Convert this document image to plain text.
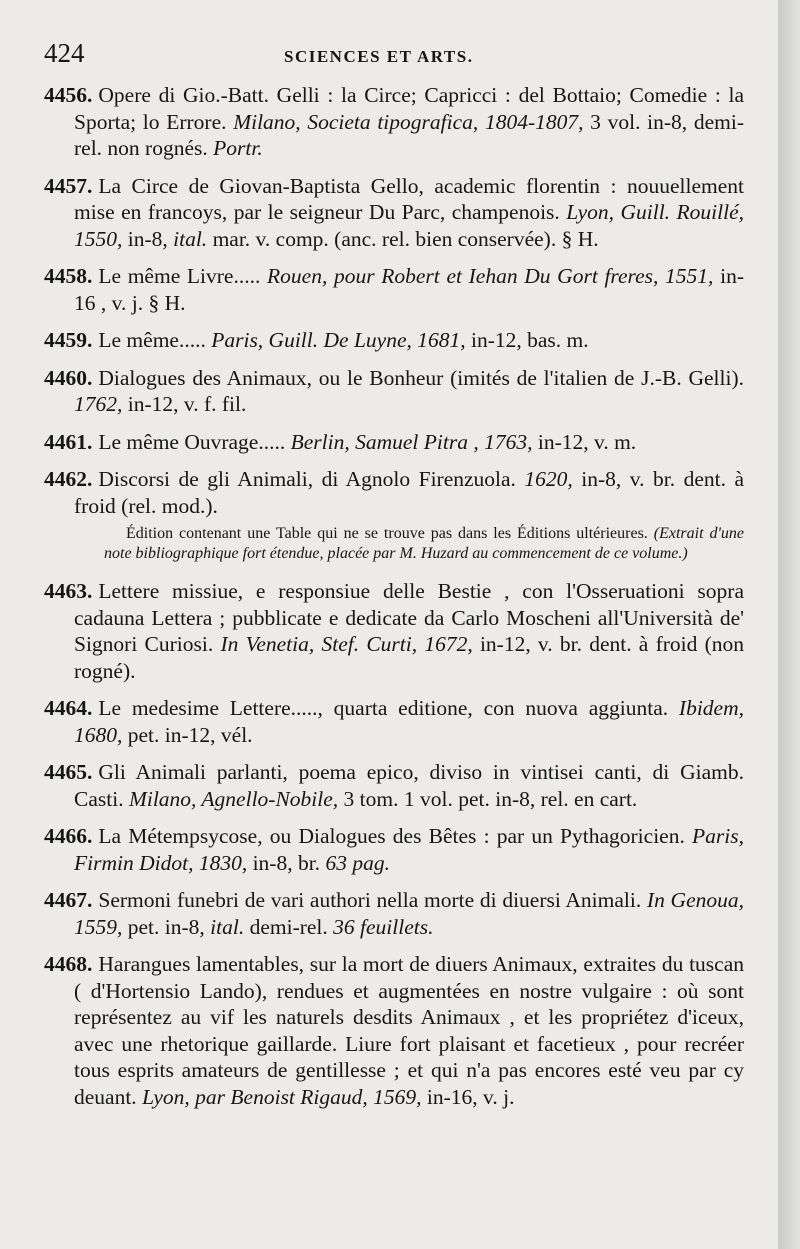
424	SCIENCES ET ARTS.

4456. Opere di Gio.-Batt. Gelli : la Circe; Capricci : del Bottaio; Comedie : la Sporta; lo Errore. Milano, Societa tipografica, 1804-1807, 3 vol. in-8, demi-rel. non rognés. Portr.

4457. La Circe de Giovan-Baptista Gello, academic florentin : nouuellement mise en francoys, par le seigneur Du Parc, champenois. Lyon, Guill. Rouillé, 1550, in-8, ital. mar. v. comp. (anc. rel. bien conservée). § H.

4458. Le même Livre..... Rouen, pour Robert et Iehan Du Gort freres, 1551, in-16 , v. j. § H.

4459. Le même..... Paris, Guill. De Luyne, 1681, in-12, bas. m.

4460. Dialogues des Animaux, ou le Bonheur (imités de l'italien de J.-B. Gelli). 1762, in-12, v. f. fil.

4461. Le même Ouvrage..... Berlin, Samuel Pitra , 1763, in-12, v. m.

4462. Discorsi de gli Animali, di Agnolo Firenzuola. 1620, in-8, v. br. dent. à froid (rel. mod.).

Édition contenant une Table qui ne se trouve pas dans les Éditions ultérieures. (Extrait d'une note bibliographique fort étendue, placée par M. Huzard au commencement de ce volume.)

4463. Lettere missiue, e responsiue delle Bestie , con l'Osseruationi sopra cadauna Lettera ; pubblicate e dedicate da Carlo Moscheni all'Università de' Signori Curiosi. In Venetia, Stef. Curti, 1672, in-12, v. br. dent. à froid (non rogné).

4464. Le medesime Lettere....., quarta editione, con nuova aggiunta. Ibidem, 1680, pet. in-12, vél.

4465. Gli Animali parlanti, poema epico, diviso in vintisei canti, di Giamb. Casti. Milano, Agnello-Nobile, 3 tom. 1 vol. pet. in-8, rel. en cart.

4466. La Métempsycose, ou Dialogues des Bêtes : par un Pythagoricien. Paris, Firmin Didot, 1830, in-8, br. 63 pag.

4467. Sermoni funebri de vari authori nella morte di diuersi Animali. In Genoua, 1559, pet. in-8, ital. demi-rel. 36 feuillets.

4468. Harangues lamentables, sur la mort de diuers Animaux, extraites du tuscan ( d'Hortensio Lando), rendues et augmentées en nostre vulgaire : où sont représentez au vif les naturels desdits Animaux , et les propriétez d'iceux, avec une rhetorique gaillarde. Liure fort plaisant et facetieux , pour recréer tous esprits amateurs de gentillesse ; et qui n'a pas encores esté veu par cy deuant. Lyon, par Benoist Rigaud, 1569, in-16, v. j.
